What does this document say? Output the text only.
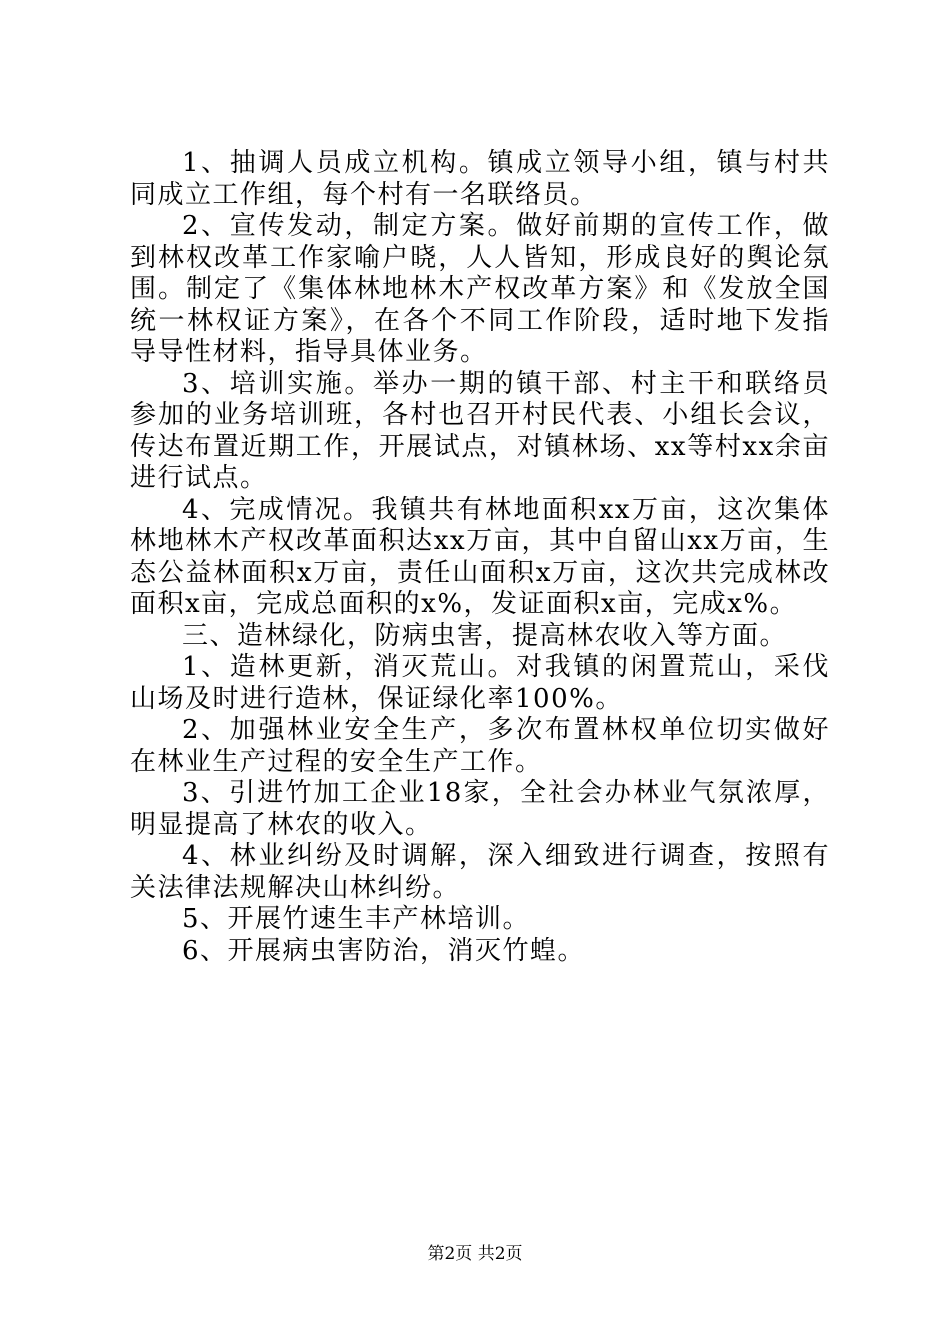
1、抽调人员成立机构。镇成立领导小组，镇与村共同成立工作组，每个村有一名联络员。

2、宣传发动，制定方案。做好前期的宣传工作，做到林权改革工作家喻户晓，人人皆知，形成良好的舆论氛围。制定了《集体林地林木产权改革方案》和《发放全国统一林权证方案》，在各个不同工作阶段，适时地下发指导导性材料，指导具体业务。

3、培训实施。举办一期的镇干部、村主干和联络员参加的业务培训班，各村也召开村民代表、小组长会议，传达布置近期工作，开展试点，对镇林场、xx等村xx余亩进行试点。

4、完成情况。我镇共有林地面积xx万亩，这次集体林地林木产权改革面积达xx万亩，其中自留山xx万亩，生态公益林面积x万亩，责任山面积x万亩，这次共完成林改面积x亩，完成总面积的x%，发证面积x亩，完成x%。

三、造林绿化，防病虫害，提高林农收入等方面。

1、造林更新，消灭荒山。对我镇的闲置荒山，采伐山场及时进行造林，保证绿化率100%。

2、加强林业安全生产，多次布置林权单位切实做好在林业生产过程的安全生产工作。

3、引进竹加工企业18家，全社会办林业气氛浓厚，明显提高了林农的收入。

4、林业纠纷及时调解，深入细致进行调查，按照有关法律法规解决山林纠纷。

5、开展竹速生丰产林培训。

6、开展病虫害防治，消灭竹蝗。

第2页 共2页
